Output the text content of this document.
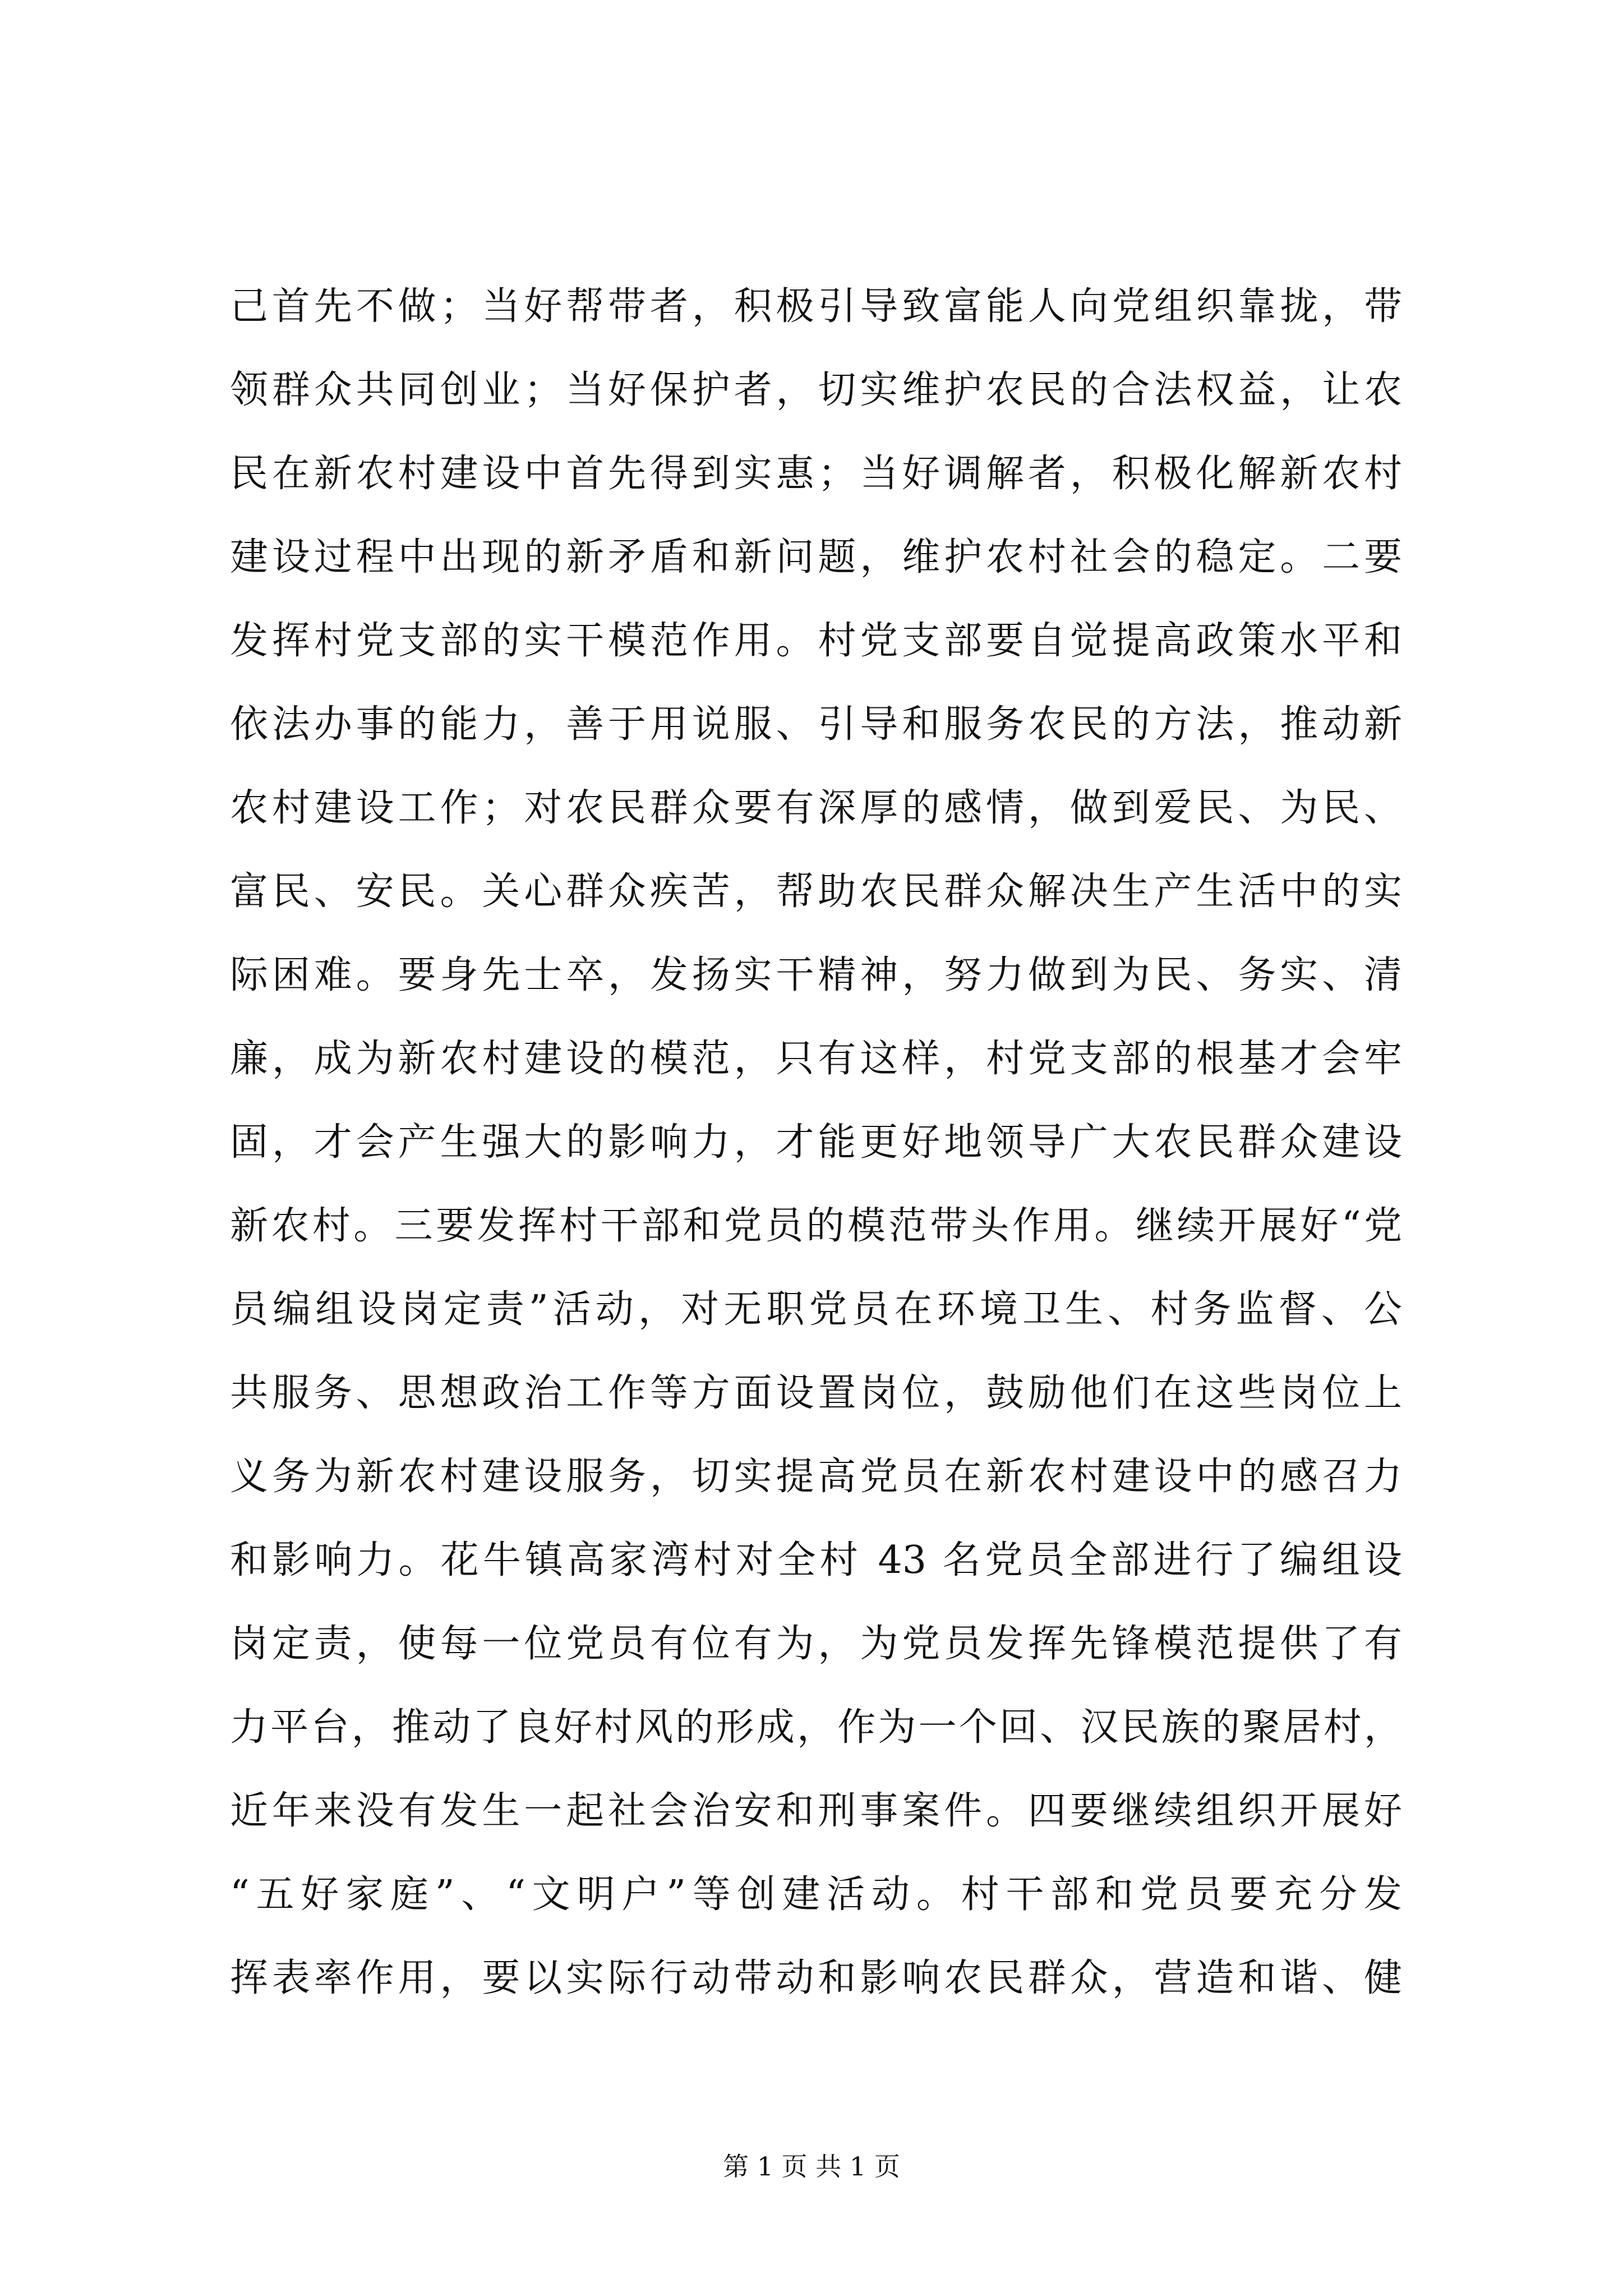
己首先不做；当好帮带者，积极引导致富能人向党组织靠拢，带
领群众共同创业；当好保护者，切实维护农民的合法权益，让农
民在新农村建设中首先得到实惠；当好调解者，积极化解新农村
建设过程中出现的新矛盾和新问题，维护农村社会的稳定。二要
发挥村党支部的实干模范作用。村党支部要自觉提高政策水平和
依法办事的能力，善于用说服、引导和服务农民的方法，推动新
农村建设工作；对农民群众要有深厚的感情，做到爱民、为民、
富民、安民。关心群众疾苦，帮助农民群众解决生产生活中的实
际困难。要身先士卒，发扬实干精神，努力做到为民、务实、清
廉，成为新农村建设的模范，只有这样，村党支部的根基才会牢
固，才会产生强大的影响力，才能更好地领导广大农民群众建设
新农村。三要发挥村干部和党员的模范带头作用。继续开展好“党
员编组设岗定责”活动，对无职党员在环境卫生、村务监督、公
共服务、思想政治工作等方面设置岗位，鼓励他们在这些岗位上
义务为新农村建设服务，切实提高党员在新农村建设中的感召力
和影响力。花牛镇高家湾村对全村 43 名党员全部进行了编组设
岗定责，使每一位党员有位有为，为党员发挥先锋模范提供了有
力平台，推动了良好村风的形成，作为一个回、汉民族的聚居村，
近年来没有发生一起社会治安和刑事案件。四要继续组织开展好
“五好家庭”、“文明户”等创建活动。村干部和党员要充分发
挥表率作用，要以实际行动带动和影响农民群众，营造和谐、健
第 1 页 共 1 页
